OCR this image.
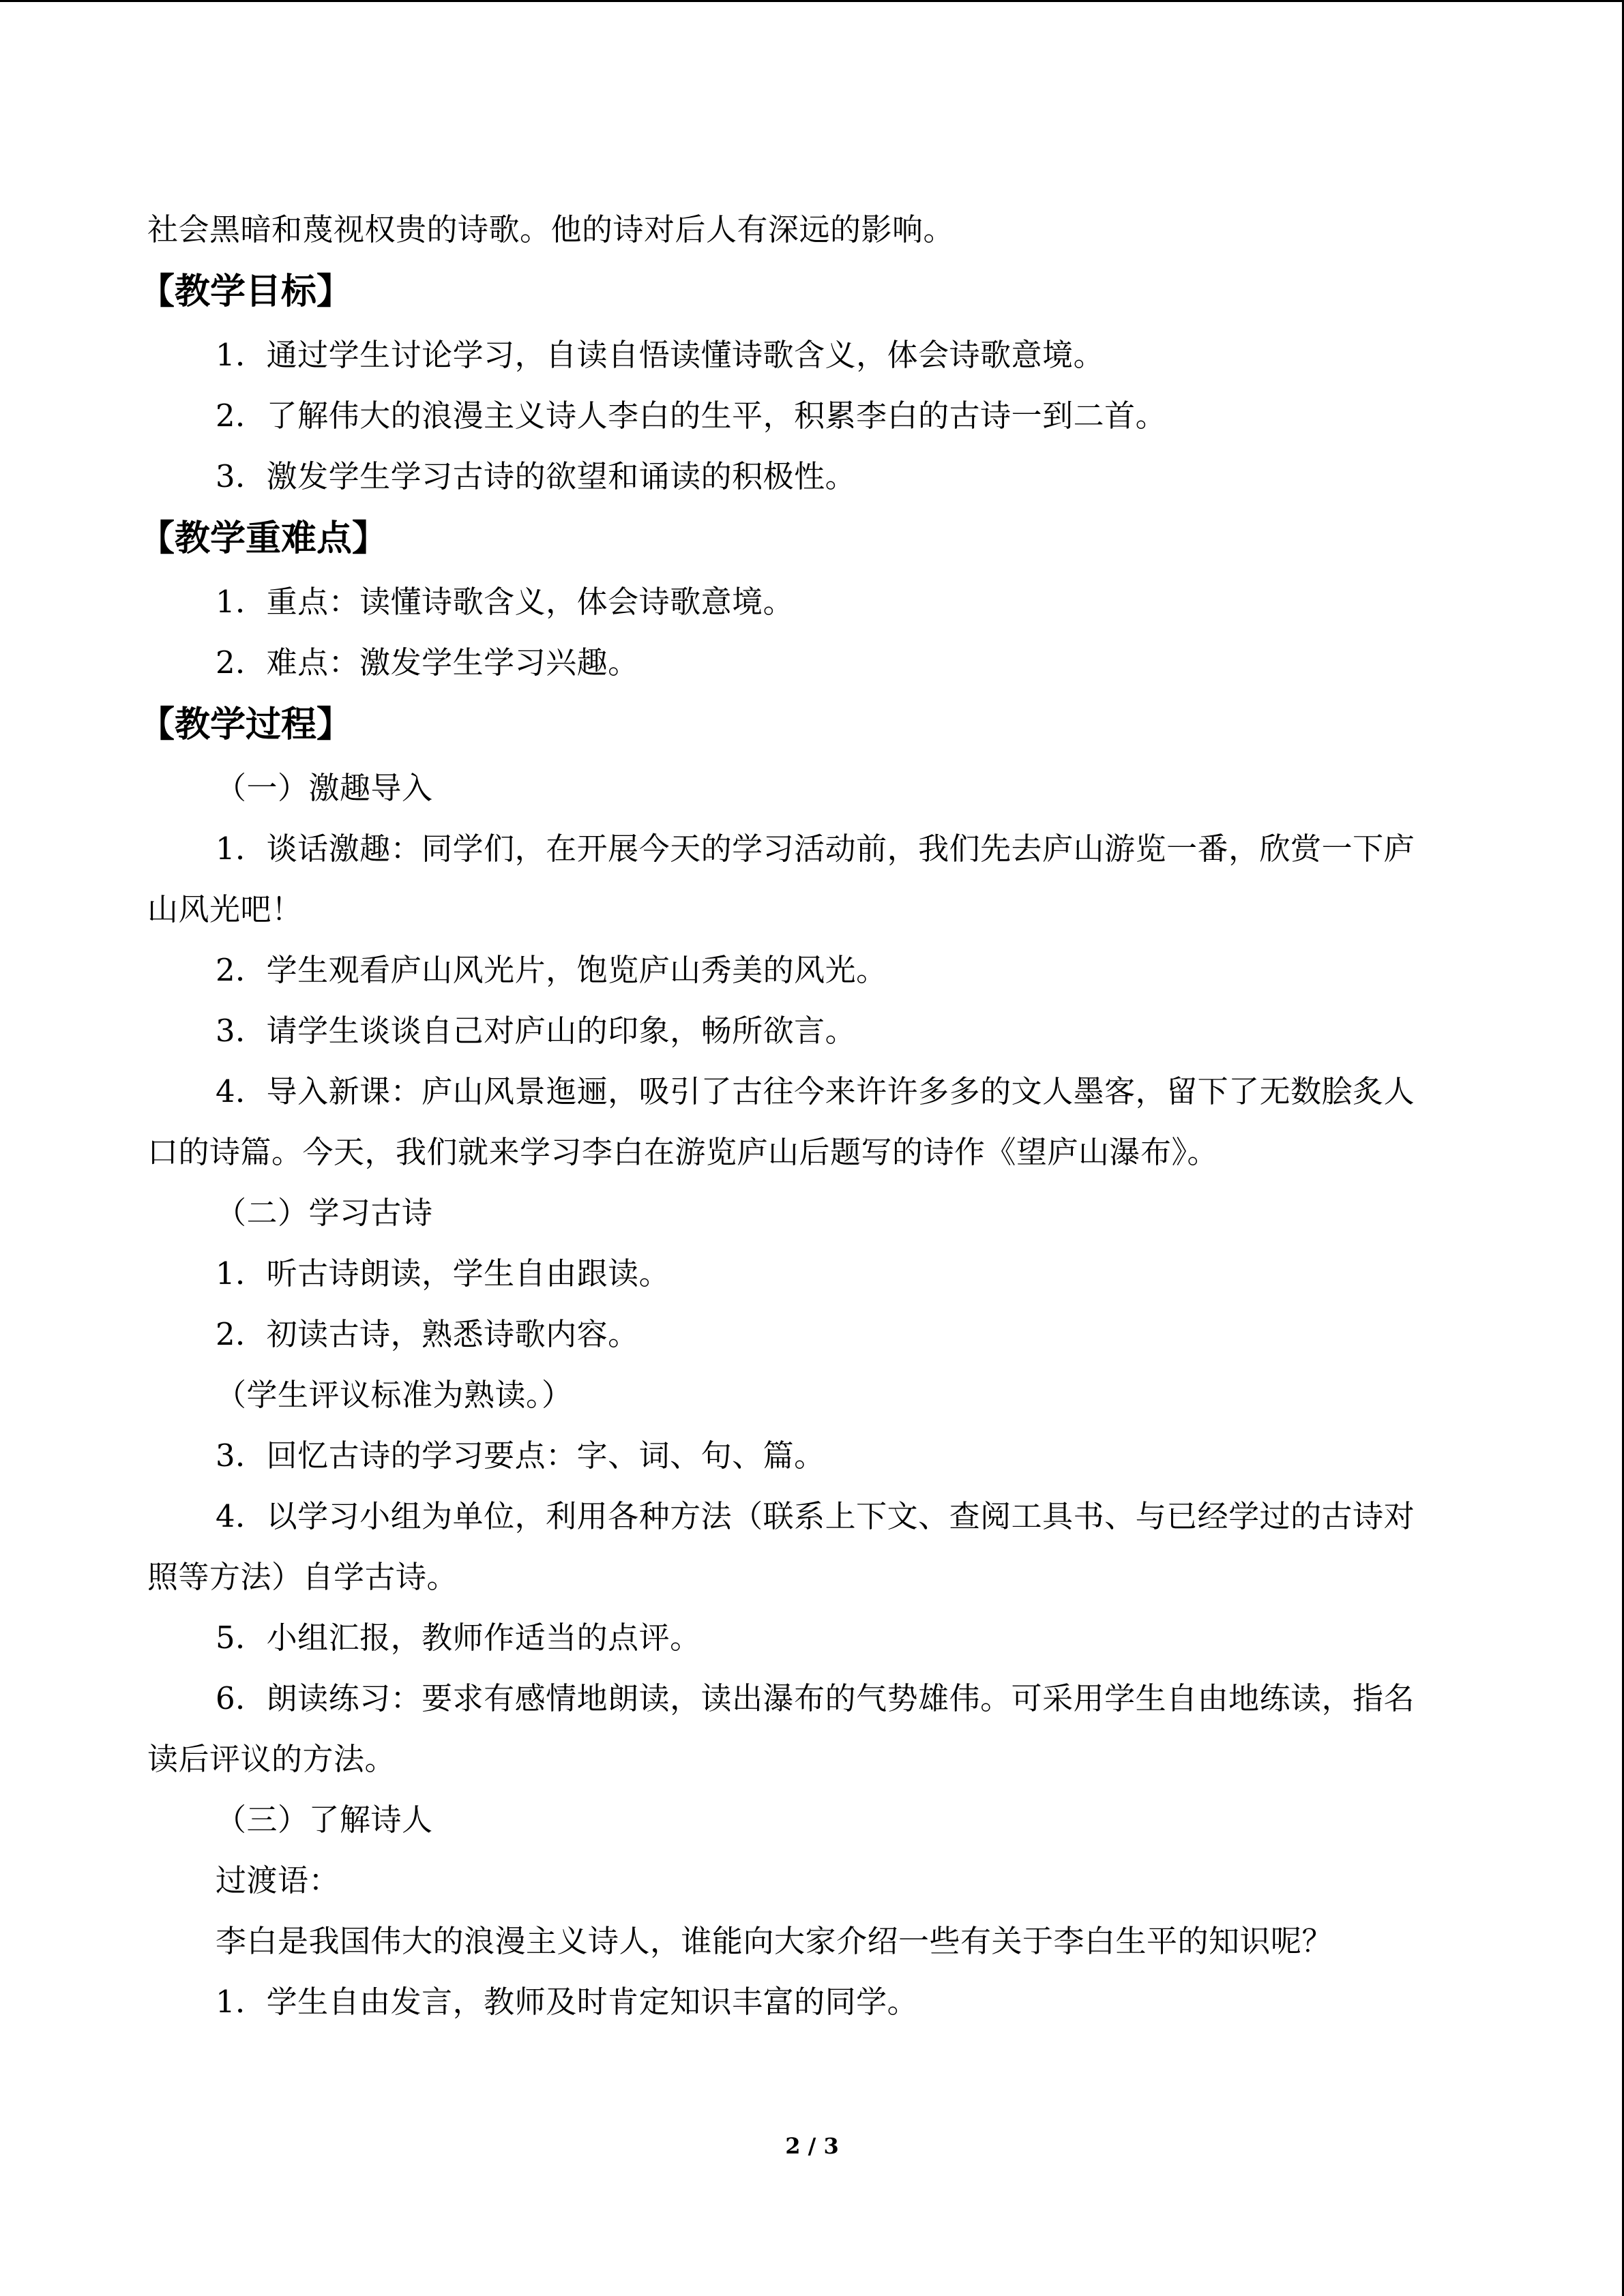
社会黑暗和蔑视权贵的诗歌。他的诗对后人有深远的影响。
【教学目标】
1．通过学生讨论学习，自读自悟读懂诗歌含义，体会诗歌意境。
2．了解伟大的浪漫主义诗人李白的生平，积累李白的古诗一到二首。
3．激发学生学习古诗的欲望和诵读的积极性。
【教学重难点】
1．重点：读懂诗歌含义，体会诗歌意境。
2．难点：激发学生学习兴趣。
【教学过程】
（一）激趣导入
1．谈话激趣：同学们，在开展今天的学习活动前，我们先去庐山游览一番，欣赏一下庐
山风光吧！
2．学生观看庐山风光片，饱览庐山秀美的风光。
3．请学生谈谈自己对庐山的印象，畅所欲言。
4．导入新课：庐山风景迤逦，吸引了古往今来许许多多的文人墨客，留下了无数脍炙人
口的诗篇。今天，我们就来学习李白在游览庐山后题写的诗作《望庐山瀑布》。
（二）学习古诗
1．听古诗朗读，学生自由跟读。
2．初读古诗，熟悉诗歌内容。
（学生评议标准为熟读。）
3．回忆古诗的学习要点：字、词、句、篇。
4．以学习小组为单位，利用各种方法（联系上下文、查阅工具书、与已经学过的古诗对
照等方法）自学古诗。
5．小组汇报，教师作适当的点评。
6．朗读练习：要求有感情地朗读，读出瀑布的气势雄伟。可采用学生自由地练读，指名
读后评议的方法。
（三）了解诗人
过渡语：
李白是我国伟大的浪漫主义诗人，谁能向大家介绍一些有关于李白生平的知识呢？
1．学生自由发言，教师及时肯定知识丰富的同学。
2 / 3
